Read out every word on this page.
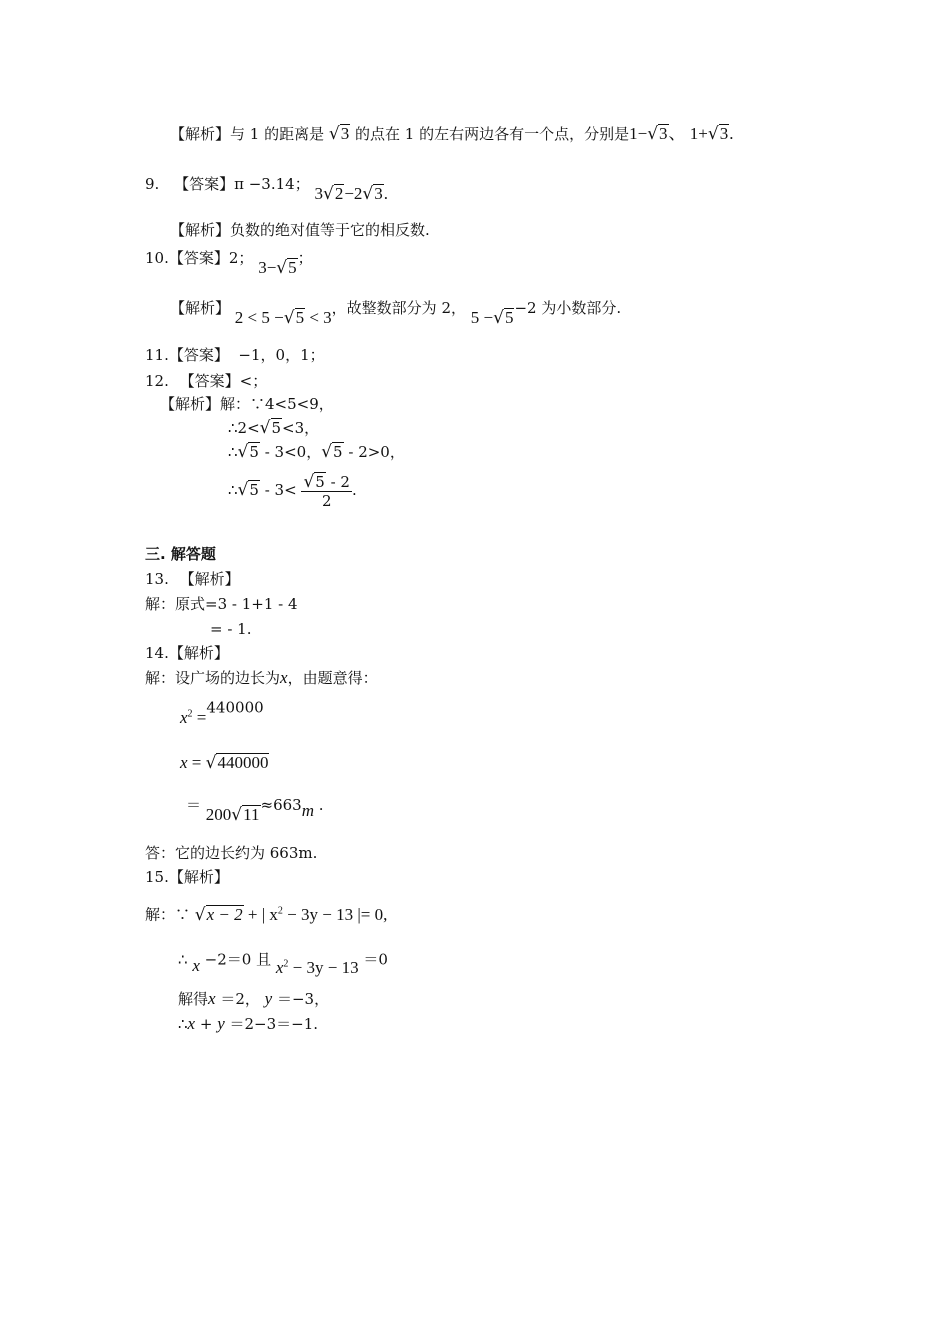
【解析】与 1 的距离是 √3 的点在 1 的左右两边各有一个点，分别是1−√3、 1+√3.
9. 【答案】π −3.14； 3√2−2√3.
【解析】负数的绝对值等于它的相反数.
10.【答案】2； 3−√5；
【解析】 2 < 5 −√5 < 3，故整数部分为 2， 5 −√5−2 为小数部分.
11.【答案】  −1，0，1；
12. 【答案】<；
【解析】解：∵4<5<9，
∴2<√5<3，
∴√5 - 3<0，√5 - 2>0，
∴√5 - $3< \frac{√5 - 2}{2}$ .
三. 解答题
13. 【解析】
解：原式=3 - 1+1 - 4
= - 1.
14.【解析】
解：设广场的边长为x，由题意得：
$x^2 =440000$
x = √440000
＝ 200√11≈663m .
答：它的边长约为 663m.
15.【解析】
解：∵ √x − 2 + | $x^2 - 3y - 13$ |= 0,
∴ x −2＝0 且 $x^2 - 3y - 13 =0$
解得x ＝2， y ＝−3，
∴x + y ＝2−3＝−1.
